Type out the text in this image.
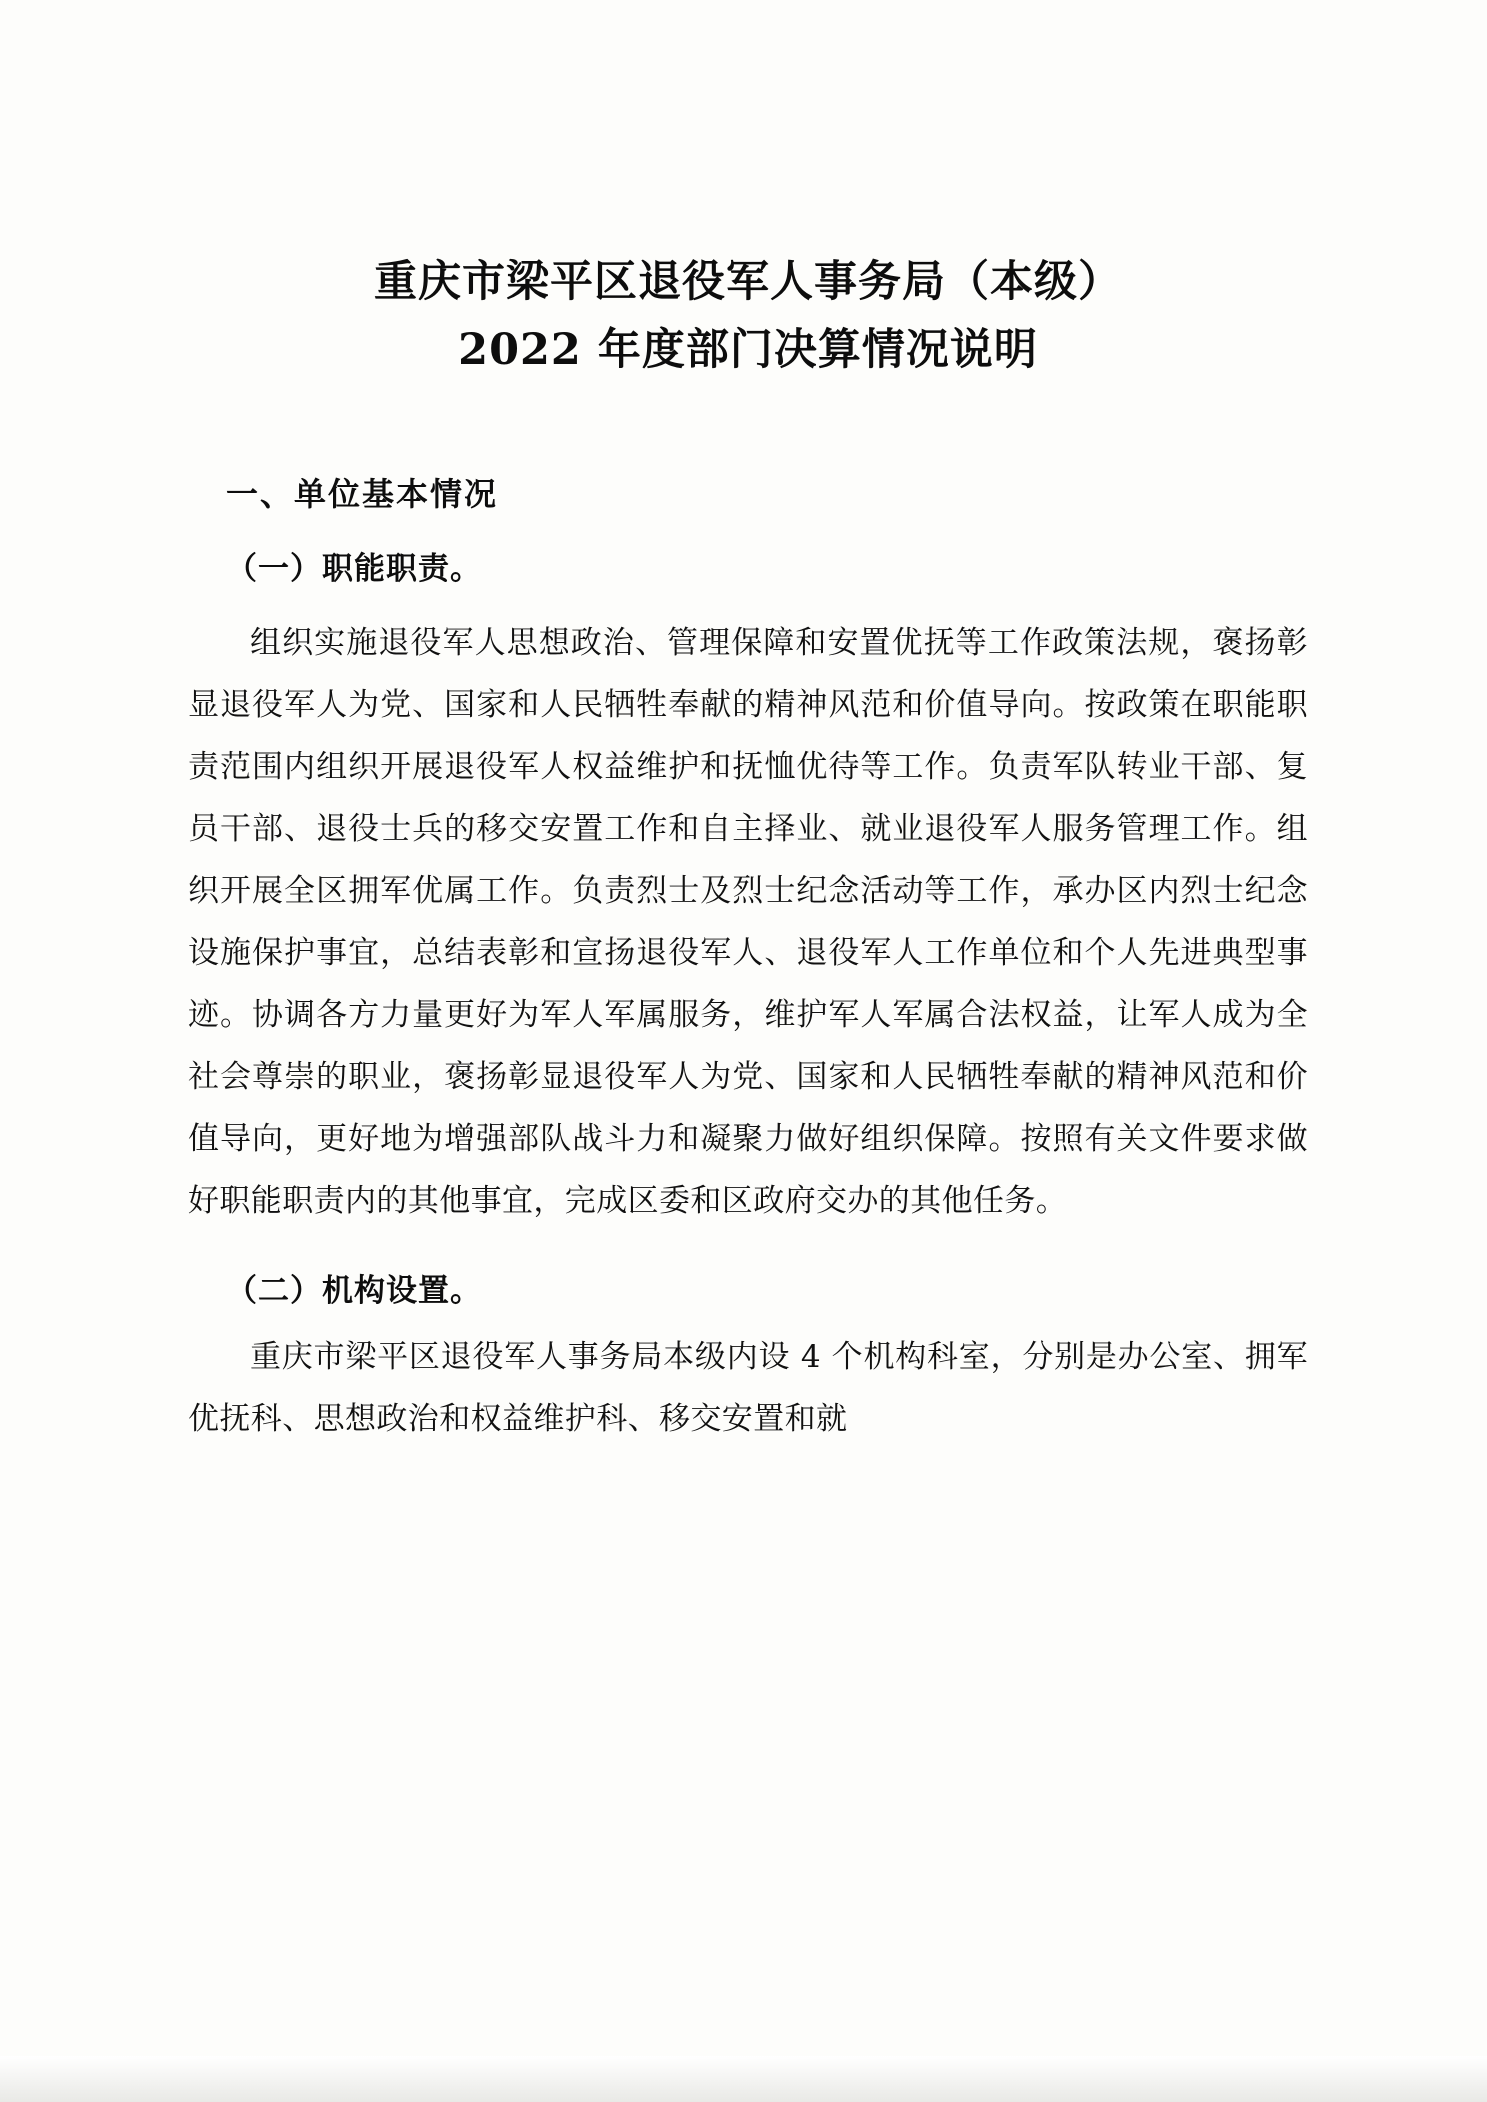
重庆市梁平区退役军人事务局（本级）
2022 年度部门决算情况说明
一、单位基本情况
（一）职能职责。
组织实施退役军人思想政治、管理保障和安置优抚等工作政策法规，褒扬彰显退役军人为党、国家和人民牺牲奉献的精神风范和价值导向。按政策在职能职责范围内组织开展退役军人权益维护和抚恤优待等工作。负责军队转业干部、复员干部、退役士兵的移交安置工作和自主择业、就业退役军人服务管理工作。组织开展全区拥军优属工作。负责烈士及烈士纪念活动等工作，承办区内烈士纪念设施保护事宜，总结表彰和宣扬退役军人、退役军人工作单位和个人先进典型事迹。协调各方力量更好为军人军属服务，维护军人军属合法权益，让军人成为全社会尊崇的职业，褒扬彰显退役军人为党、国家和人民牺牲奉献的精神风范和价值导向，更好地为增强部队战斗力和凝聚力做好组织保障。按照有关文件要求做好职能职责内的其他事宜，完成区委和区政府交办的其他任务。
（二）机构设置。
重庆市梁平区退役军人事务局本级内设 4 个机构科室，分别是办公室、拥军优抚科、思想政治和权益维护科、移交安置和就
